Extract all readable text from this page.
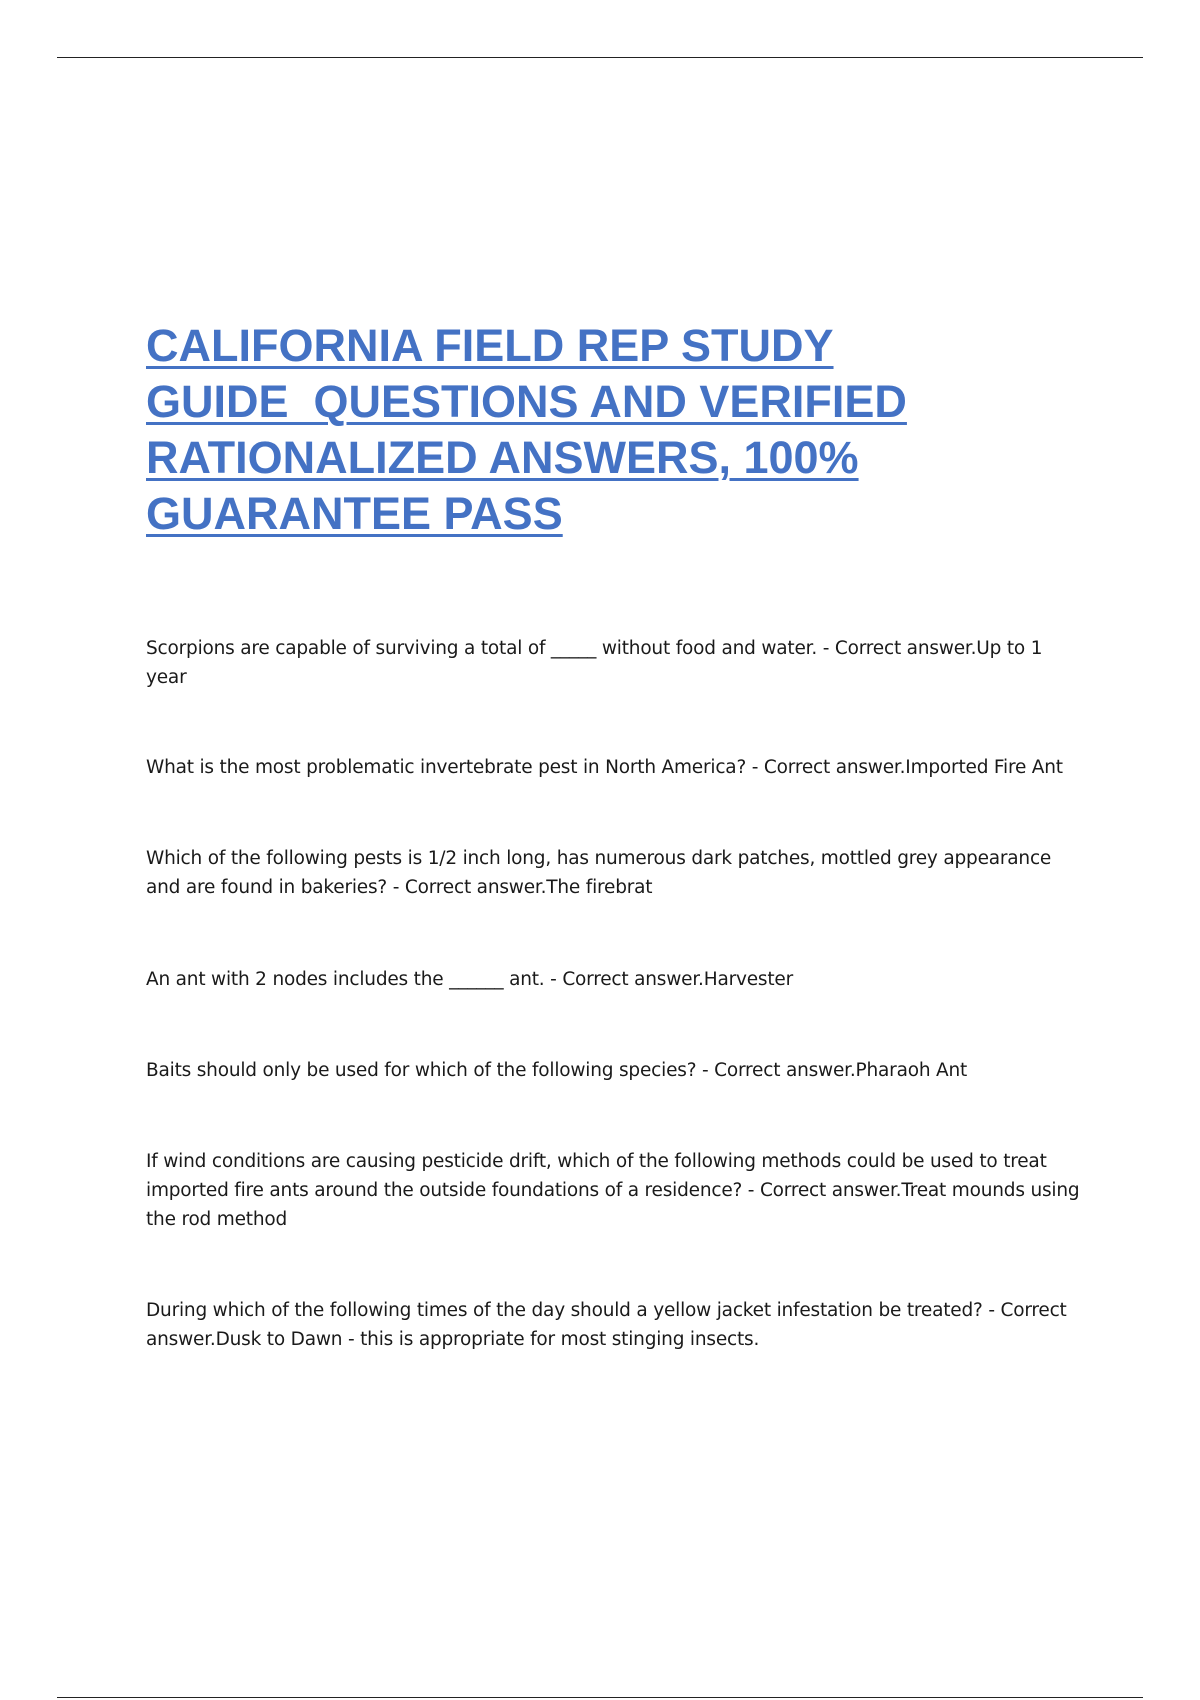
CALIFORNIA FIELD REP STUDY
GUIDE  QUESTIONS AND VERIFIED
RATIONALIZED ANSWERS, 100%
GUARANTEE PASS

Scorpions are capable of surviving a total of _____ without food and water. - Correct answer.Up to 1 year

What is the most problematic invertebrate pest in North America? - Correct answer.Imported Fire Ant

Which of the following pests is 1/2 inch long, has numerous dark patches, mottled grey appearance and are found in bakeries? - Correct answer.The firebrat

An ant with 2 nodes includes the ______ ant. - Correct answer.Harvester

Baits should only be used for which of the following species? - Correct answer.Pharaoh Ant

If wind conditions are causing pesticide drift, which of the following methods could be used to treat imported fire ants around the outside foundations of a residence? - Correct answer.Treat mounds using the rod method

During which of the following times of the day should a yellow jacket infestation be treated? - Correct answer.Dusk to Dawn - this is appropriate for most stinging insects.
